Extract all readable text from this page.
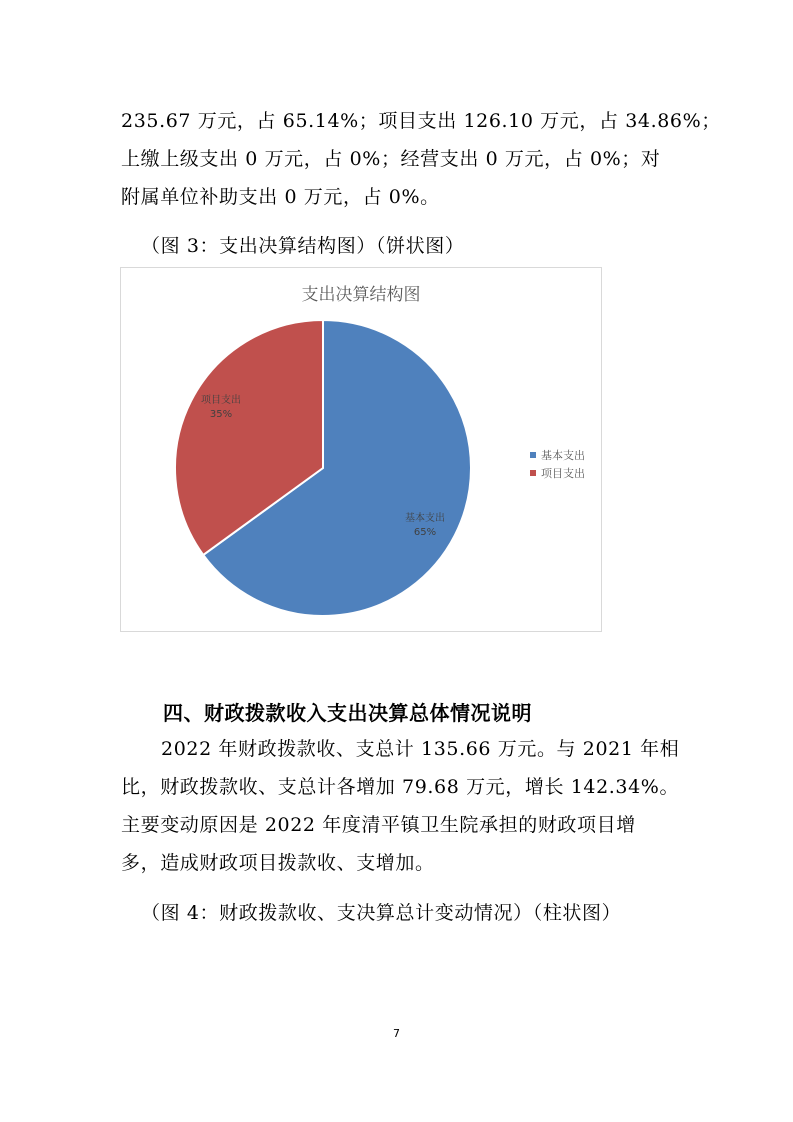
235.67 万元，占 65.14%；项目支出 126.10 万元，占 34.86%；
上缴上级支出 0 万元，占 0%；经营支出 0 万元，占 0%；对
附属单位补助支出 0 万元，占 0%。
（图 3：支出决算结构图）（饼状图）
支出决算结构图
基本支出
65%
项目支出
35%
基本支出
项目支出
四、财政拨款收入支出决算总体情况说明
2022 年财政拨款收、支总计 135.66 万元。与 2021 年相
比，财政拨款收、支总计各增加 79.68 万元，增长 142.34%。
主要变动原因是 2022 年度清平镇卫生院承担的财政项目增
多，造成财政项目拨款收、支增加。
（图 4：财政拨款收、支决算总计变动情况）（柱状图）
7
